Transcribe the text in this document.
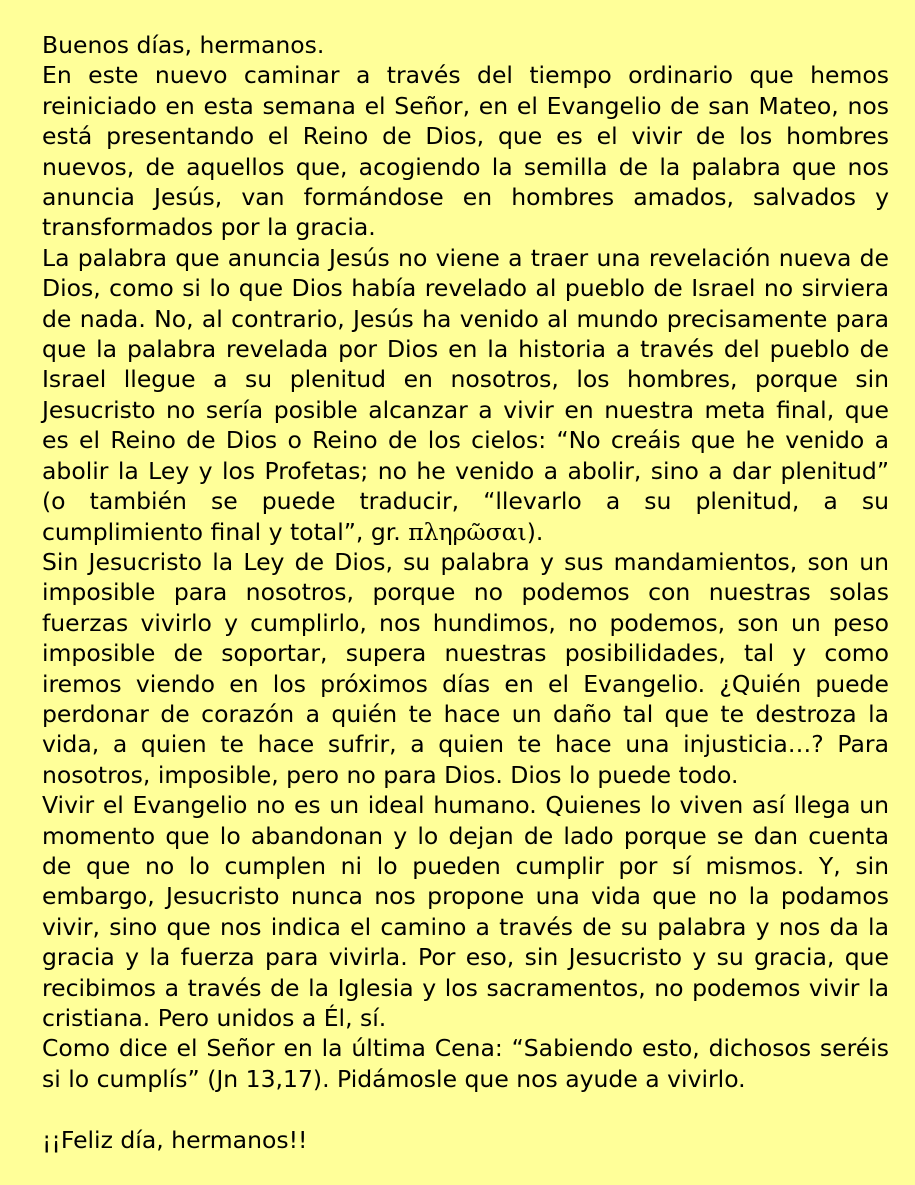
Buenos días, hermanos.

En este nuevo caminar a través del tiempo ordinario que hemos reiniciado en esta semana el Señor, en el Evangelio de san Mateo, nos está presentando el Reino de Dios, que es el vivir de los hombres nuevos, de aquellos que, acogiendo la semilla de la palabra que nos anuncia Jesús, van formándose en hombres amados, salvados y transformados por la gracia.

La palabra que anuncia Jesús no viene a traer una revelación nueva de Dios, como si lo que Dios había revelado al pueblo de Israel no sirviera de nada. No, al contrario, Jesús ha venido al mundo precisamente para que la palabra revelada por Dios en la historia a través del pueblo de Israel llegue a su plenitud en nosotros, los hombres, porque sin Jesucristo no sería posible alcanzar a vivir en nuestra meta final, que es el Reino de Dios o Reino de los cielos: “No creáis que he venido a abolir la Ley y los Profetas; no he venido a abolir, sino a dar plenitud” (o también se puede traducir, “llevarlo a su plenitud, a su cumplimiento final y total”, gr. πληρῶσαι).

Sin Jesucristo la Ley de Dios, su palabra y sus mandamientos, son un imposible para nosotros, porque no podemos con nuestras solas fuerzas vivirlo y cumplirlo, nos hundimos, no podemos, son un peso imposible de soportar, supera nuestras posibilidades, tal y como iremos viendo en los próximos días en el Evangelio. ¿Quién puede perdonar de corazón a quién te hace un daño tal que te destroza la vida, a quien te hace sufrir, a quien te hace una injusticia…? Para nosotros, imposible, pero no para Dios. Dios lo puede todo.

Vivir el Evangelio no es un ideal humano. Quienes lo viven así llega un momento que lo abandonan y lo dejan de lado porque se dan cuenta de que no lo cumplen ni lo pueden cumplir por sí mismos. Y, sin embargo, Jesucristo nunca nos propone una vida que no la podamos vivir, sino que nos indica el camino a través de su palabra y nos da la gracia y la fuerza para vivirla. Por eso, sin Jesucristo y su gracia, que recibimos a través de la Iglesia y los sacramentos, no podemos vivir la cristiana. Pero unidos a Él, sí.

Como dice el Señor en la última Cena: “Sabiendo esto, dichosos seréis si lo cumplís” (Jn 13,17). Pidámosle que nos ayude a vivirlo.

¡¡Feliz día, hermanos!!
